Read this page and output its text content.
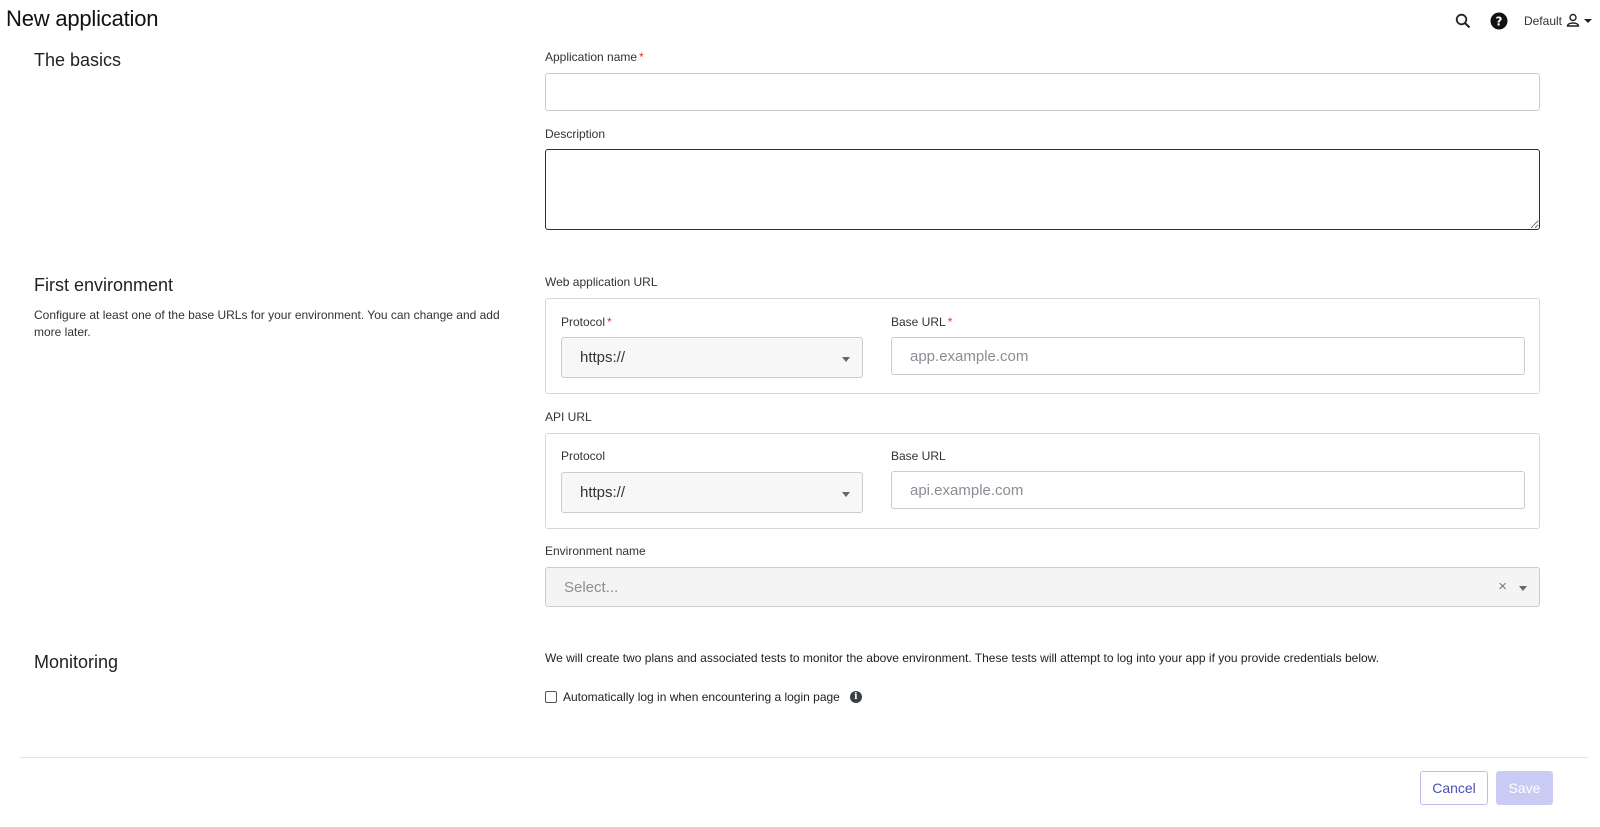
New application	? Default
The basics	Application name *
Description
First environment
Configure at least one of the base URLs for your environment. You can change and add more later.
Web application URL
Protocol *
https://
Base URL *
app.example.com
API URL
Protocol
https://
Base URL
api.example.com
Environment name
Select...	×
Monitoring	We will create two plans and associated tests to monitor the above environment. These tests will attempt to log into your app if you provide credentials below.
Automatically log in when encountering a login page	i
Cancel	Save
